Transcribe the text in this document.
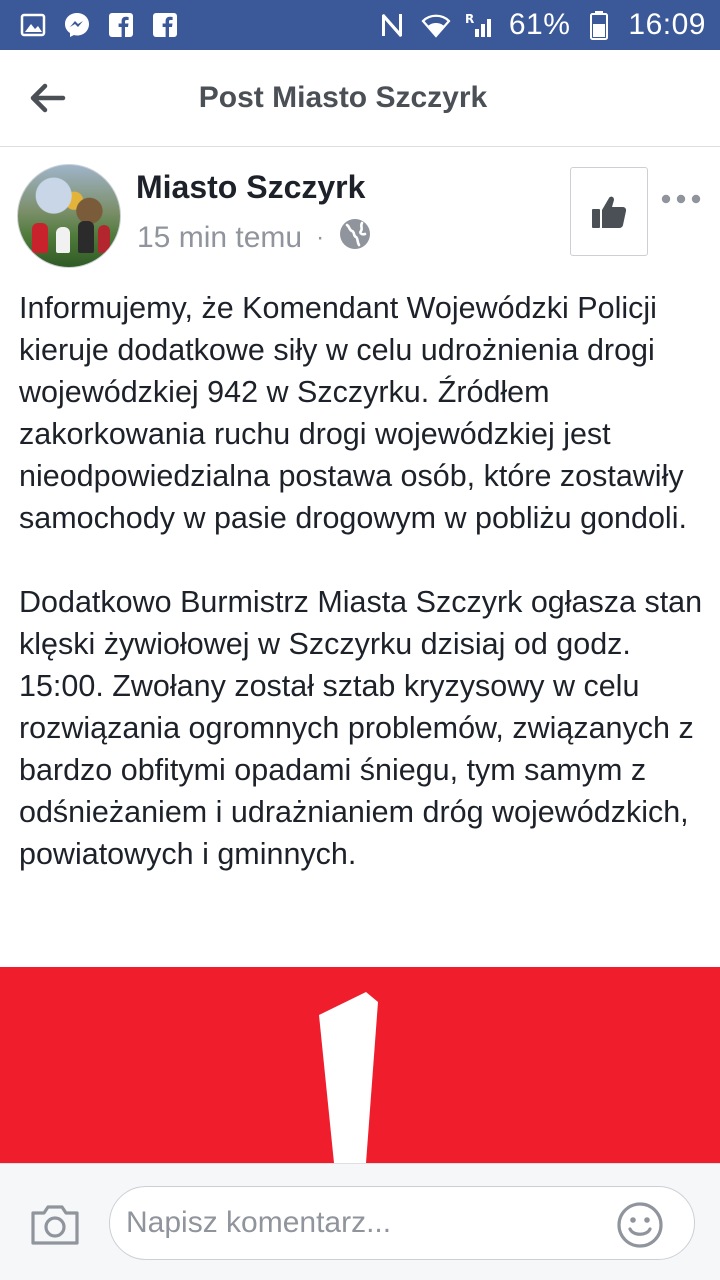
R 61% 16:09
Post Miasto Szczyrk
Miasto Szczyrk
15 min temu ·

Informujemy, że Komendant Wojewódzki Policji kieruje dodatkowe siły w celu udrożnienia drogi wojewódzkiej 942 w Szczyrku. Źródłem zakorkowania ruchu drogi wojewódzkiej jest nieodpowiedzialna postawa osób, które zostawiły samochody w pasie drogowym w pobliżu gondoli.

Dodatkowo Burmistrz Miasta Szczyrk ogłasza stan klęski żywiołowej w Szczyrku dzisiaj od godz. 15:00. Zwołany został sztab kryzysowy w celu rozwiązania ogromnych problemów, związanych z bardzo obfitymi opadami śniegu, tym samym z odśnieżaniem i udrażnianiem dróg wojewódzkich, powiatowych i gminnych.

Napisz komentarz...
